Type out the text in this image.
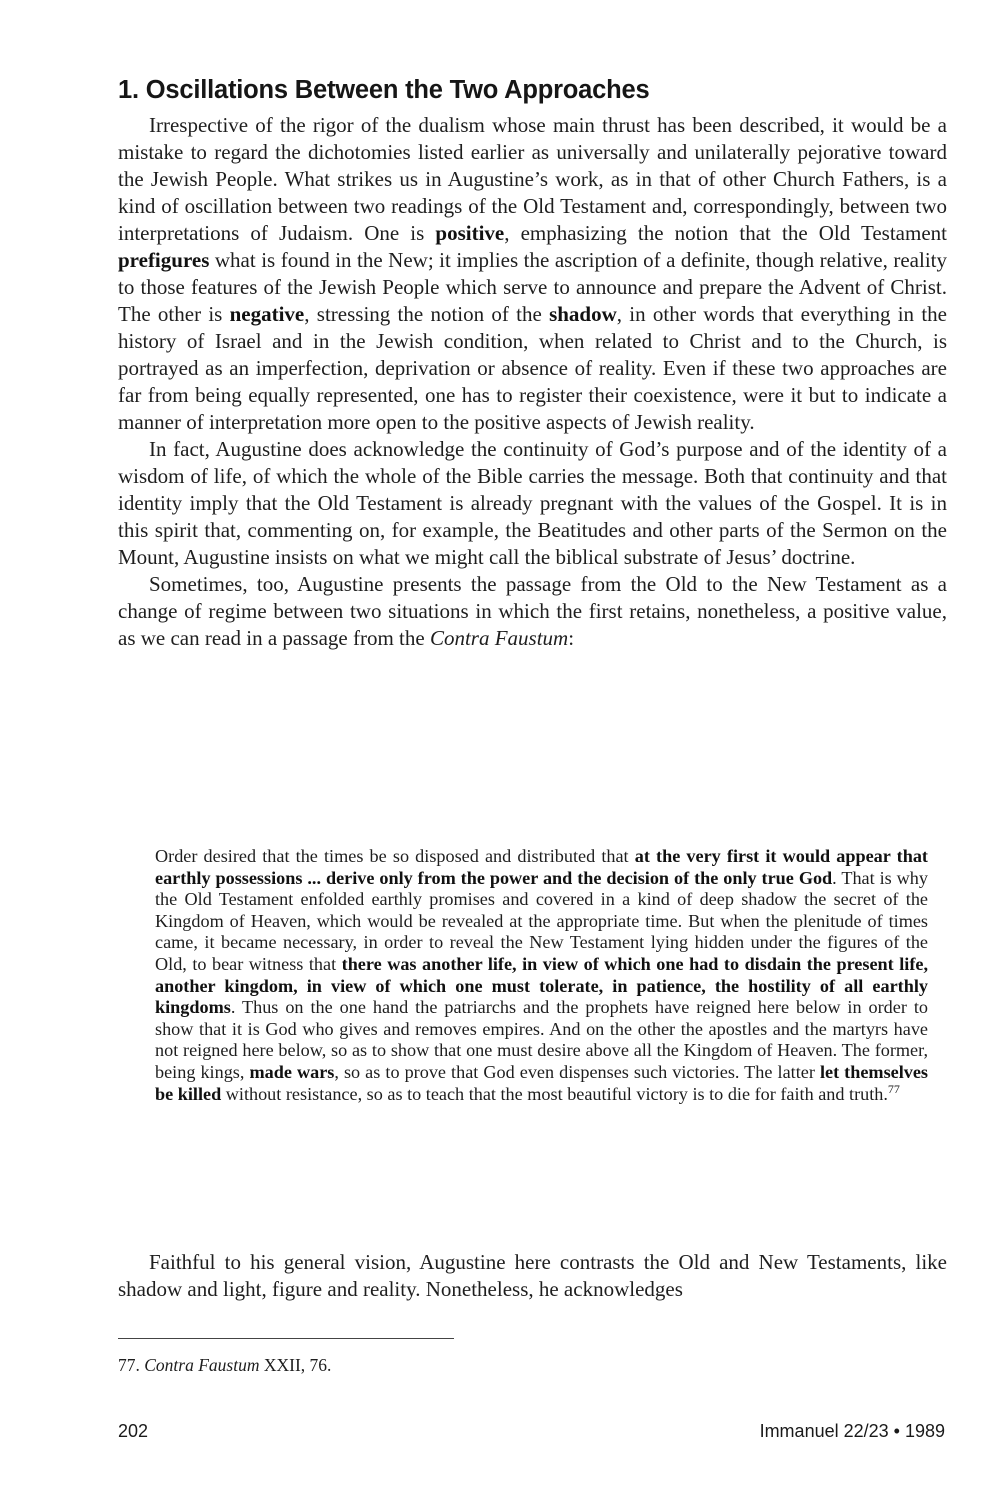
1. Oscillations Between the Two Approaches

Irrespective of the rigor of the dualism whose main thrust has been described, it would be a mistake to regard the dichotomies listed earlier as universally and unilaterally pejorative toward the Jewish People. What strikes us in Augustine’s work, as in that of other Church Fathers, is a kind of oscillation between two readings of the Old Testament and, correspondingly, between two interpretations of Judaism. One is positive, emphasizing the notion that the Old Testament prefigures what is found in the New; it implies the ascription of a definite, though relative, reality to those features of the Jewish People which serve to announce and prepare the Advent of Christ. The other is negative, stressing the notion of the shadow, in other words that everything in the history of Israel and in the Jewish condition, when related to Christ and to the Church, is portrayed as an imperfection, deprivation or absence of reality. Even if these two approaches are far from being equally represented, one has to register their coexistence, were it but to indicate a manner of interpretation more open to the positive aspects of Jewish reality.

In fact, Augustine does acknowledge the continuity of God’s purpose and of the identity of a wisdom of life, of which the whole of the Bible carries the message. Both that continuity and that identity imply that the Old Testament is already pregnant with the values of the Gospel. It is in this spirit that, commenting on, for example, the Beatitudes and other parts of the Sermon on the Mount, Augustine insists on what we might call the biblical substrate of Jesus’ doctrine.

Sometimes, too, Augustine presents the passage from the Old to the New Testament as a change of regime between two situations in which the first retains, nonetheless, a positive value, as we can read in a passage from the Contra Faustum:

Order desired that the times be so disposed and distributed that at the very first it would appear that earthly possessions ... derive only from the power and the decision of the only true God. That is why the Old Testament enfolded earthly promises and covered in a kind of deep shadow the secret of the Kingdom of Heaven, which would be revealed at the appropriate time. But when the plenitude of times came, it became necessary, in order to reveal the New Testament lying hidden under the figures of the Old, to bear witness that there was another life, in view of which one had to disdain the present life, another kingdom, in view of which one must tolerate, in patience, the hostility of all earthly kingdoms. Thus on the one hand the patriarchs and the prophets have reigned here below in order to show that it is God who gives and removes empires. And on the other the apostles and the martyrs have not reigned here below, so as to show that one must desire above all the Kingdom of Heaven. The former, being kings, made wars, so as to prove that God even dispenses such victories. The latter let themselves be killed without resistance, so as to teach that the most beautiful victory is to die for faith and truth.$^{77}$

Faithful to his general vision, Augustine here contrasts the Old and New Testaments, like shadow and light, figure and reality. Nonetheless, he acknowledges

77. Contra Faustum XXII, 76.
202	Immanuel 22/23 • 1989
